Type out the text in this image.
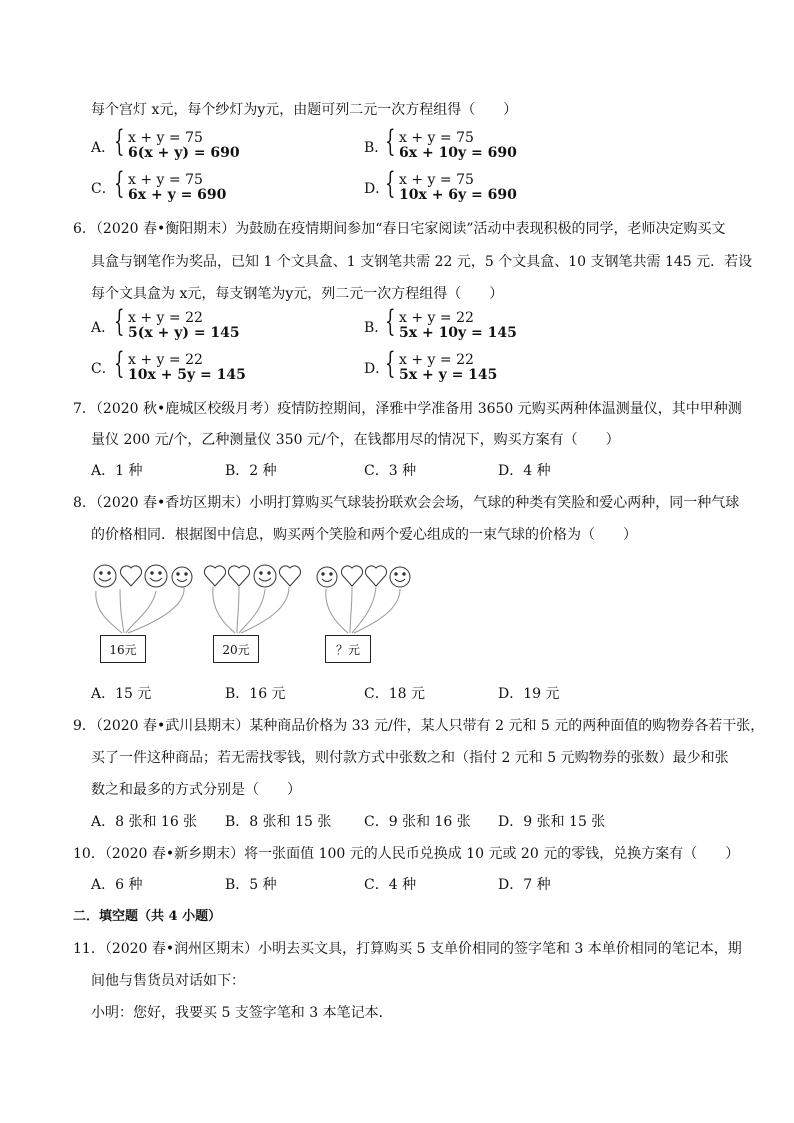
每个宫灯 x元，每个纱灯为y元，由题可列二元一次方程组得（　　）
A．
{ x + y = 75
6(x + y) = 690	B．
{ x + y = 75
6x + 10y = 690
C．
{ x + y = 75
6x + y = 690	D．
{ x + y = 75
10x + 6y = 690
6．（2020 春•衡阳期末）为鼓励在疫情期间参加“春日宅家阅读”活动中表现积极的同学，老师决定购买文
具盒与钢笔作为奖品，已知 1 个文具盒、1 支钢笔共需 22 元，5 个文具盒、10 支钢笔共需 145 元．若设
每个文具盒为 x元，每支钢笔为y元，列二元一次方程组得（　　）
A．
{ x + y = 22
5(x + y) = 145	B．
{ x + y = 22
5x + 10y = 145
C．
{ x + y = 22
10x + 5y = 145	D．
{ x + y = 22
5x + y = 145
7．（2020 秋•鹿城区校级月考）疫情防控期间，泽雅中学准备用 3650 元购买两种体温测量仪，其中甲种测
量仪 200 元/个，乙种测量仪 350 元/个，在钱都用尽的情况下，购买方案有（　　）
A．1 种	B．2 种	C．3 种	D．4 种
8．（2020 春•香坊区期末）小明打算购买气球装扮联欢会会场，气球的种类有笑脸和爱心两种，同一种气球
的价格相同．根据图中信息，购买两个笑脸和两个爱心组成的一束气球的价格为（　　）
16元	20元	？元
A．15 元	B．16 元	C．18 元	D．19 元
9．（2020 春•武川县期末）某种商品价格为 33 元/件，某人只带有 2 元和 5 元的两种面值的购物券各若干张，
买了一件这种商品；若无需找零钱，则付款方式中张数之和（指付 2 元和 5 元购物券的张数）最少和张
数之和最多的方式分别是（　　）
A．8 张和 16 张 B．8 张和 15 张 C．9 张和 16 张 D．9 张和 15 张
10．（2020 春•新乡期末）将一张面值 100 元的人民币兑换成 10 元或 20 元的零钱，兑换方案有（　　）
A．6 种	B．5 种	C．4 种	D．7 种
二．填空题（共 4 小题）
11．（2020 春•润州区期末）小明去买文具，打算购买 5 支单价相同的签字笔和 3 本单价相同的笔记本，期
间他与售货员对话如下：
小明：您好，我要买 5 支签字笔和 3 本笔记本．
